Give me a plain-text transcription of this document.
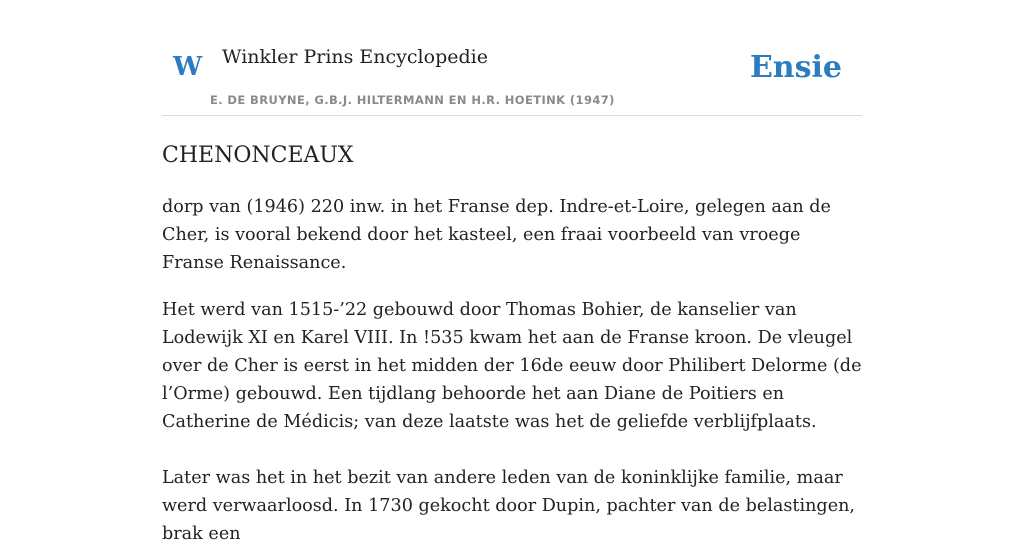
W Winkler Prins Encyclopedie
E. DE BRUYNE, G.B.J. HILTERMANN EN H.R. HOETINK (1947)
Ensie
CHENONCEAUX

dorp van (1946) 220 inw. in het Franse dep. Indre-et-Loire, gelegen aan de Cher, is vooral bekend door het kasteel, een fraai voorbeeld van vroege Franse Renaissance.

Het werd van 1515-’22 gebouwd door Thomas Bohier, de kanselier van Lodewijk XI en Karel VIII. In !535 kwam het aan de Franse kroon. De vleugel over de Cher is eerst in het midden der 16de eeuw door Philibert Delorme (de l’Orme) gebouwd. Een tijdlang behoorde het aan Diane de Poitiers en Catherine de Médicis; van deze laatste was het de geliefde verblijfplaats.

Later was het in het bezit van andere leden van de koninklijke familie, maar werd verwaarloosd. In 1730 gekocht door Dupin, pachter van de belastingen, brak een
